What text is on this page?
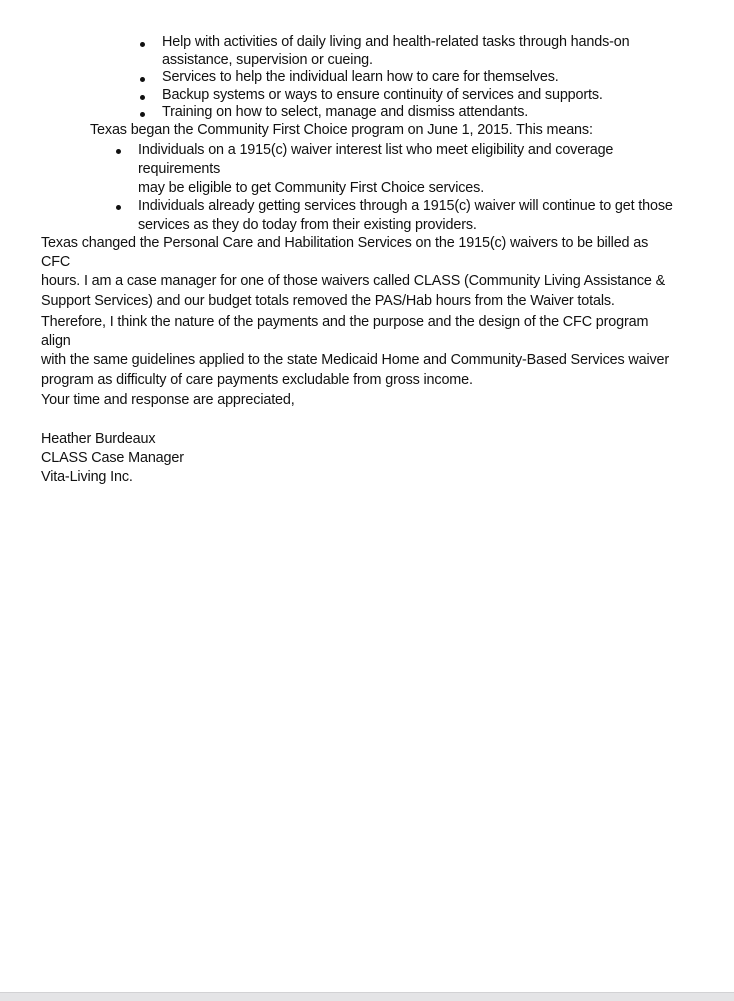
Help with activities of daily living and health-related tasks through hands-on
assistance, supervision or cueing.
Services to help the individual learn how to care for themselves.
Backup systems or ways to ensure continuity of services and supports.
Training on how to select, manage and dismiss attendants.
Texas began the Community First Choice program on June 1, 2015. This means:
Individuals on a 1915(c) waiver interest list who meet eligibility and coverage requirements
may be eligible to get Community First Choice services.
Individuals already getting services through a 1915(c) waiver will continue to get those
services as they do today from their existing providers.
Texas changed the Personal Care and Habilitation Services on the 1915(c) waivers to be billed as CFC
hours. I am a case manager for one of those waivers called CLASS (Community Living Assistance &
Support Services) and our budget totals removed the PAS/Hab hours from the Waiver totals.
Therefore, I think the nature of the payments and the purpose and the design of the CFC program align
with the same guidelines applied to the state Medicaid Home and Community-Based Services waiver
program as difficulty of care payments excludable from gross income.
Your time and response are appreciated,
Heather Burdeaux
CLASS Case Manager
Vita-Living Inc.
